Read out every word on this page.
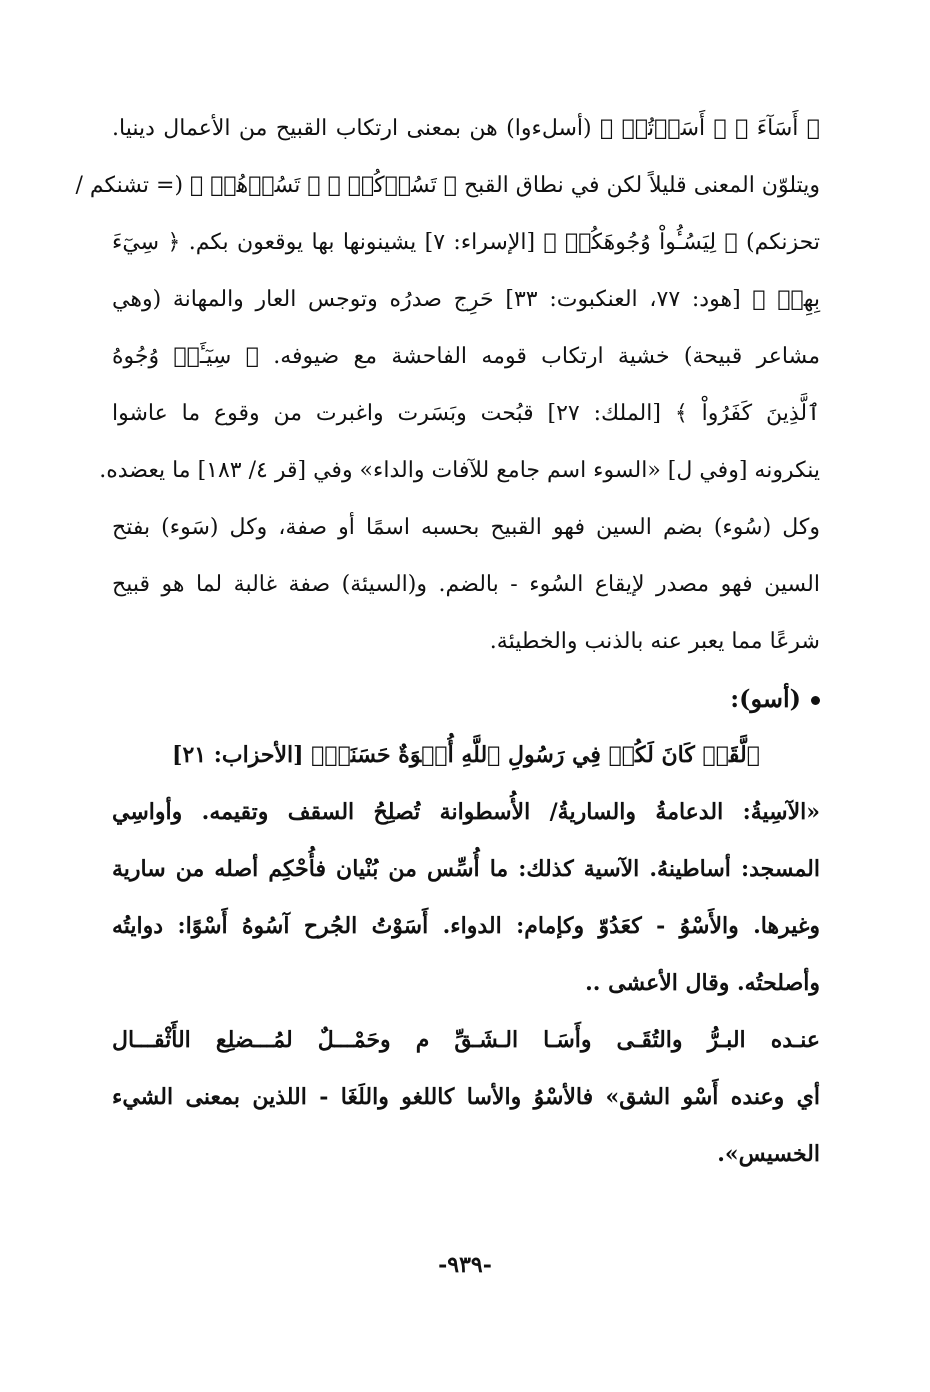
﴿ أَسَآءَ ﴾ ﴿ أَسَأۡتُمۡ ﴾ (أسلءوا) هن بمعنى ارتكاب القبيح من الأعمال دينيا.
ويتلوّن المعنى قليلاً لكن في نطاق القبح ﴿ تَسُؤۡكُمۡ ﴾ ﴿ تَسُؤۡهُمۡ ﴾ (= تشنكم /
تحزنكم) ﴿ لِيَسُـُٔواْ وُجُوهَكُمۡ ﴾ [الإسراء: ٧] يشينونها بها يوقعون بكم. ﴿ سِيٓءَ
بِهِمۡ ﴾ [هود: ٧٧، العنكبوت: ٣٣] حَرِج صدرُه وتوجس العار والمهانة (وهي
مشاعر قبيحة) خشية ارتكاب قومه الفاحشة مع ضيوفه. ﴿ سِيٓـَٔتۡ وُجُوهُ
ٱلَّذِينَ كَفَرُواْ ﴾ [الملك: ٢٧] قبُحت وبَسَرت واغبرت من وقوع ما عاشوا
ينكرونه [وفي ل] «السوء اسم جامع للآفات والداء» وفي [قر ٤/ ١٨٣] ما يعضده.
وكل (سُوء) بضم السين فهو القبيح بحسبه اسمًا أو صفة، وكل (سَوء) بفتح
السين فهو مصدر لإيقاع السُوء - بالضم. و(السيئة) صفة غالبة لما هو قبيح
شرعًا مما يعبر عنه بالذنب والخطيئة.
(أسو):
﴿لَّقَدۡ كَانَ لَكُمۡ فِي رَسُولِ ٱللَّهِ أُسۡوَةٌ حَسَنَةٞ﴾ [الأحزاب: ٢١]
«الآسِيةُ: الدعامةُ والساريةُ/ الأُسطوانة تُصلِحُ السقف وتقيمه. وأواسِي
المسجد: أساطينهُ. الآسية كذلك: ما أُسِّس من بُنْيان فأُحْكِم أصله من سارية
وغيرها. والأَسْوُ - كعَدُوّ وكإمام: الدواء. أَسَوْتُ الجُرح آسُوهُ أَسْوًا: دوايتُه
وأصلحتُه. وقال الأعشى ..
عنـده البـرُّ والتُقَـى وأَسَـا الـشَـقِّ م وحَمْـــلٌ لمُـــضلِع الأَثْقـــال
أي وعنده أَسْو الشق» فالأسْوُ والأسا كاللغو واللَغَا - اللذين بمعنى الشيء
الخسيس».
-٩٣٩-
